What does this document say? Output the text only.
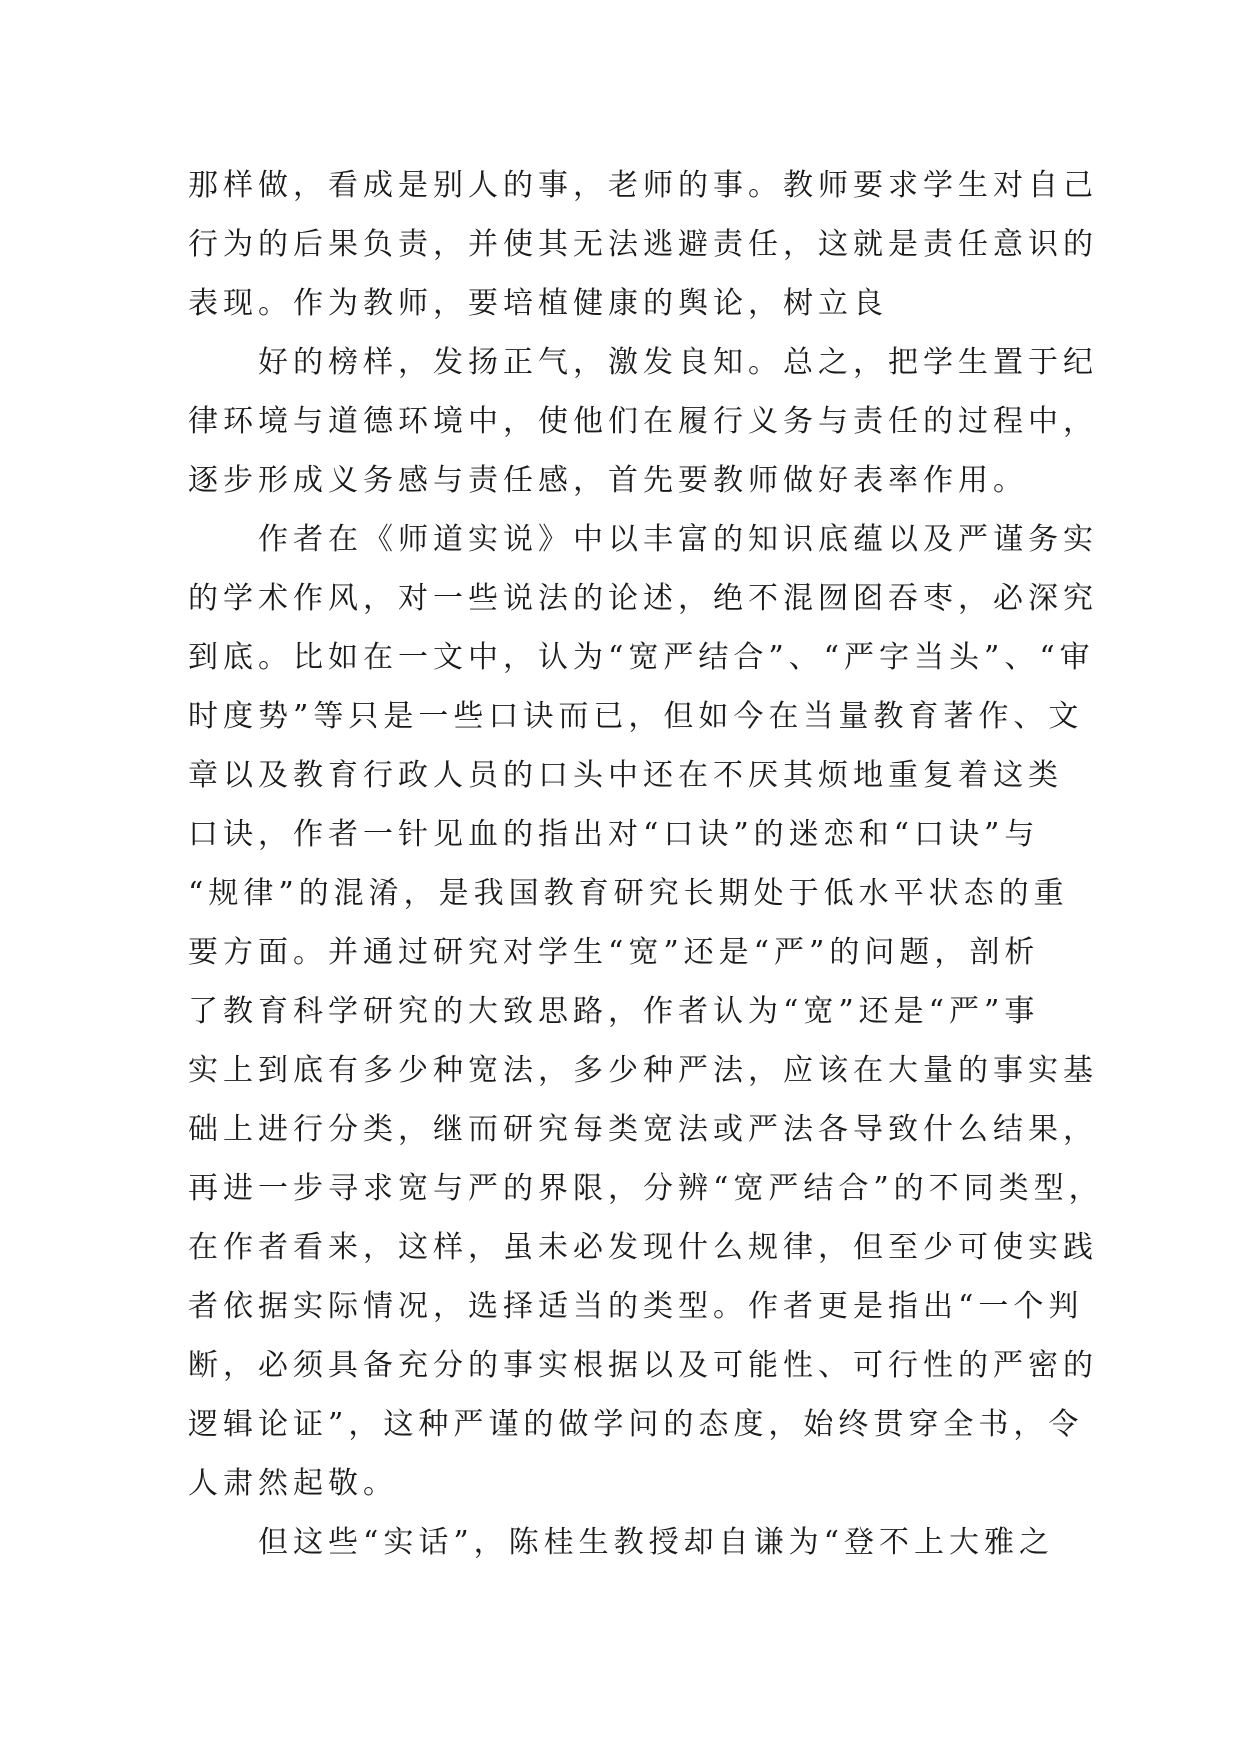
那样做，看成是别人的事，老师的事。教师要求学生对自己
行为的后果负责，并使其无法逃避责任，这就是责任意识的
表现。作为教师，要培植健康的舆论，树立良
　　好的榜样，发扬正气，激发良知。总之，把学生置于纪
律环境与道德环境中，使他们在履行义务与责任的过程中，
逐步形成义务感与责任感，首先要教师做好表率作用。
　　作者在《师道实说》中以丰富的知识底蕴以及严谨务实
的学术作风，对一些说法的论述，绝不混囫囵吞枣，必深究
到底。比如在一文中，认为“宽严结合”、“严字当头”、“审
时度势”等只是一些口诀而已，但如今在当量教育著作、文
章以及教育行政人员的口头中还在不厌其烦地重复着这类
口诀，作者一针见血的指出对“口诀”的迷恋和“口诀”与
“规律”的混淆，是我国教育研究长期处于低水平状态的重
要方面。并通过研究对学生“宽”还是“严”的问题，剖析
了教育科学研究的大致思路，作者认为“宽”还是“严”事
实上到底有多少种宽法，多少种严法，应该在大量的事实基
础上进行分类，继而研究每类宽法或严法各导致什么结果，
再进一步寻求宽与严的界限，分辨“宽严结合”的不同类型，
在作者看来，这样，虽未必发现什么规律，但至少可使实践
者依据实际情况，选择适当的类型。作者更是指出“一个判
断，必须具备充分的事实根据以及可能性、可行性的严密的
逻辑论证”，这种严谨的做学问的态度，始终贯穿全书，令
人肃然起敬。
　　但这些“实话”，陈桂生教授却自谦为“登不上大雅之
